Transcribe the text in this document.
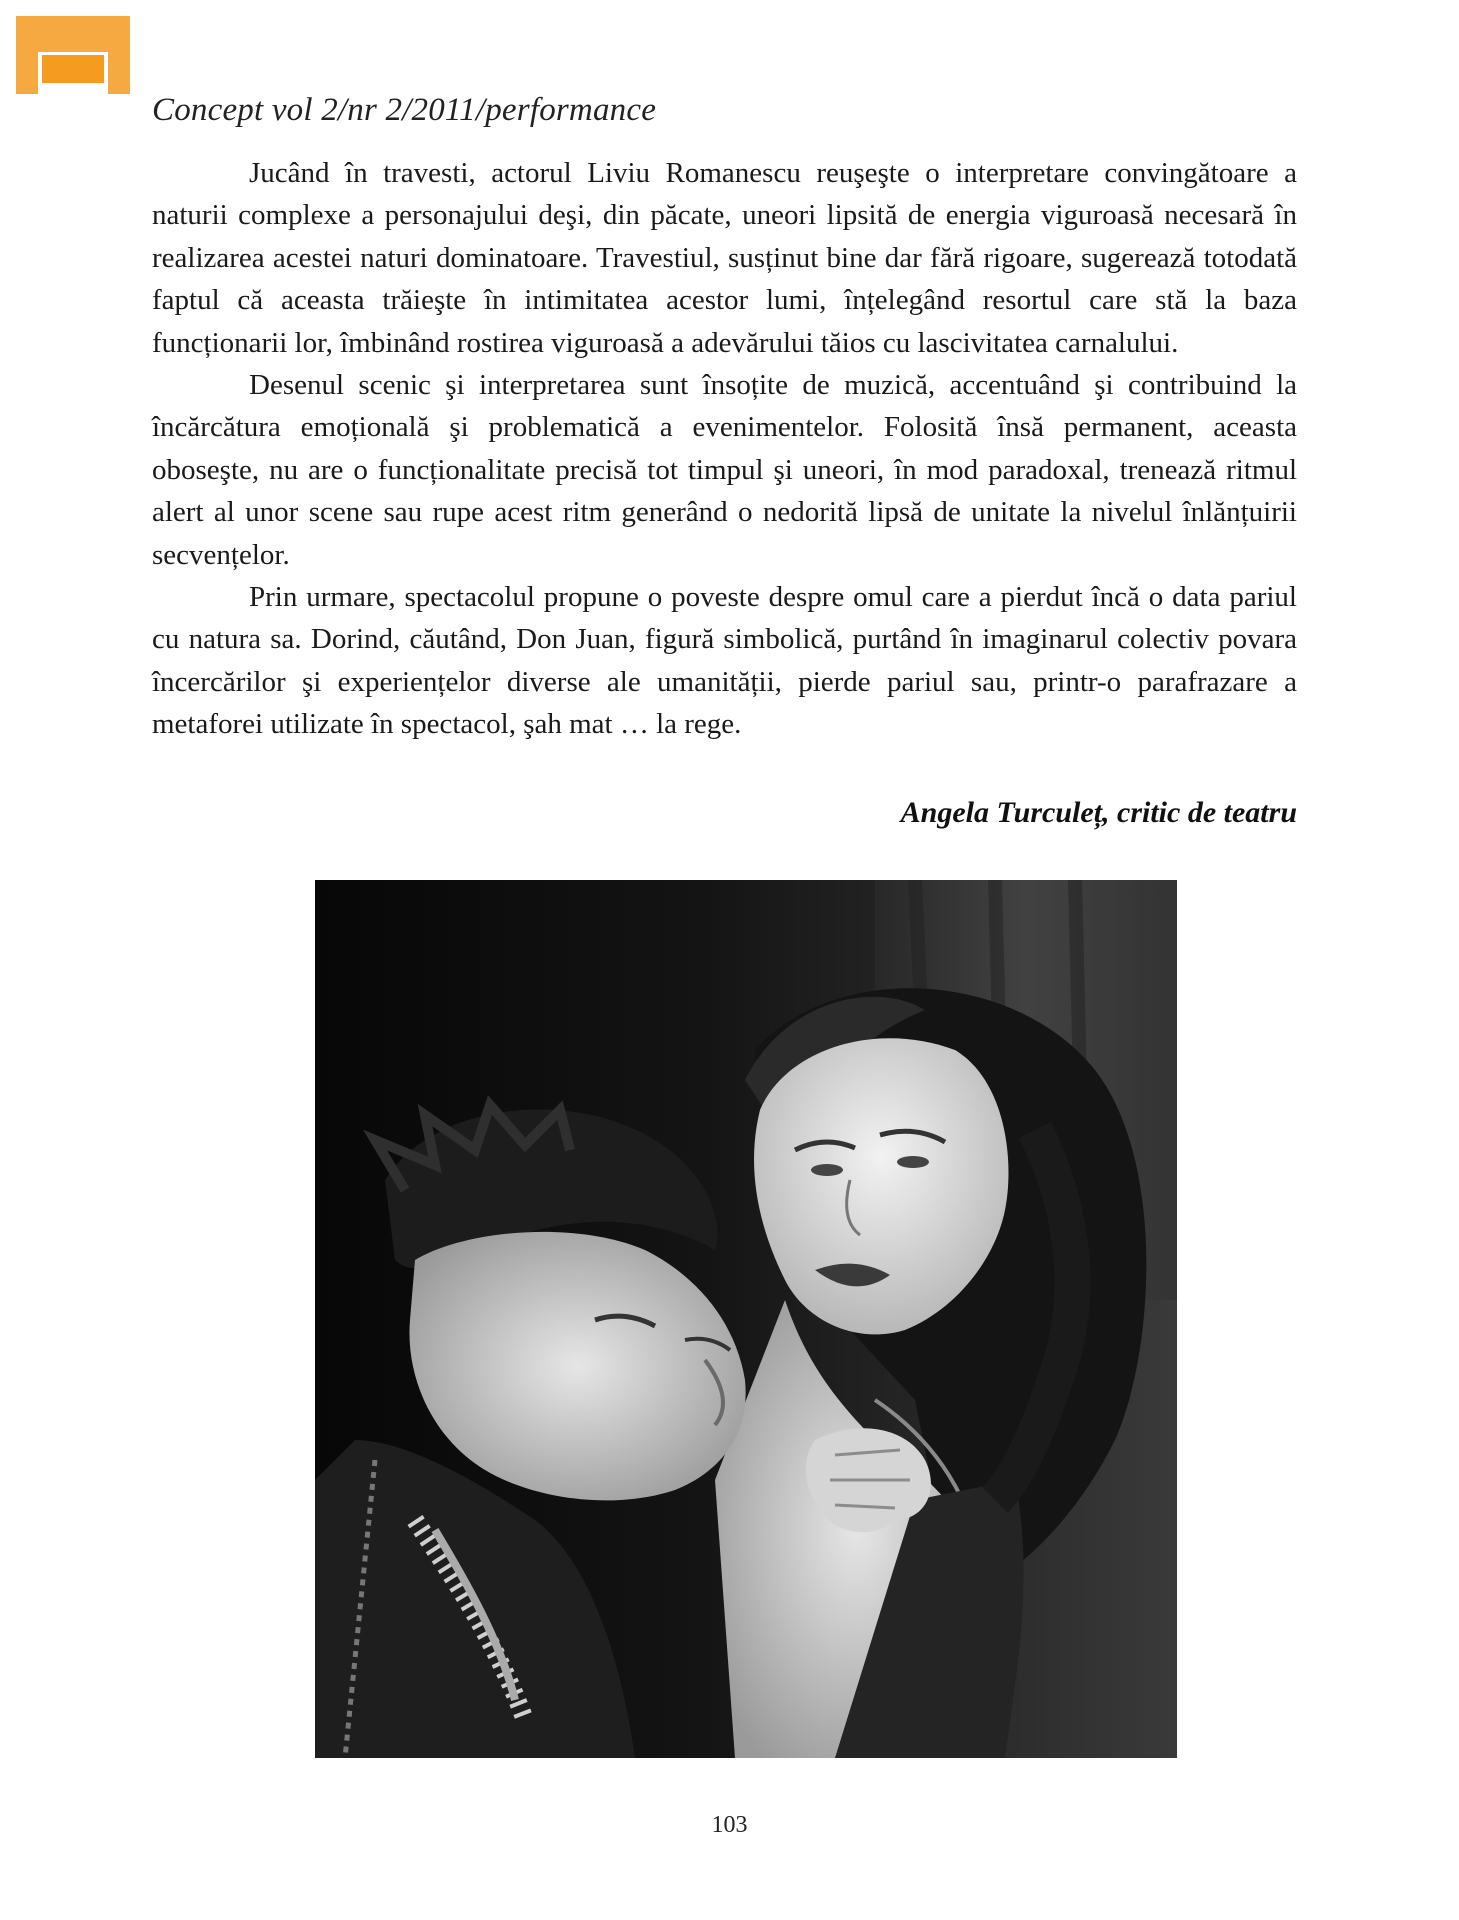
Concept vol 2/nr 2/2011/performance

Jucând în travesti, actorul Liviu Romanescu reuşeşte o interpretare convingătoare a naturii complexe a personajului deşi, din păcate, uneori lipsită de energia viguroasă necesară în realizarea acestei naturi dominatoare. Travestiul, susținut bine dar fără rigoare, sugerează totodată faptul că aceasta trăieşte în intimitatea acestor lumi, înțelegând resortul care stă la baza funcționarii lor, îmbinând rostirea viguroasă a adevărului tăios cu lascivitatea carnalului.

Desenul scenic şi interpretarea sunt însoțite de muzică, accentuând şi contribuind la încărcătura emoțională şi problematică a evenimentelor. Folosită însă permanent, aceasta oboseşte, nu are o funcționalitate precisă tot timpul şi uneori, în mod paradoxal, trenează ritmul alert al unor scene sau rupe acest ritm generând o nedorită lipsă de unitate la nivelul înlănțuirii secvențelor.

Prin urmare, spectacolul propune o poveste despre omul care a pierdut încă o data pariul cu natura sa. Dorind, căutând, Don Juan, figură simbolică, purtând în imaginarul colectiv povara încercărilor şi experiențelor diverse ale umanității, pierde pariul sau, printr-o parafrazare a metaforei utilizate în spectacol, şah mat … la rege.

Angela Turculeț, critic de teatru
103
